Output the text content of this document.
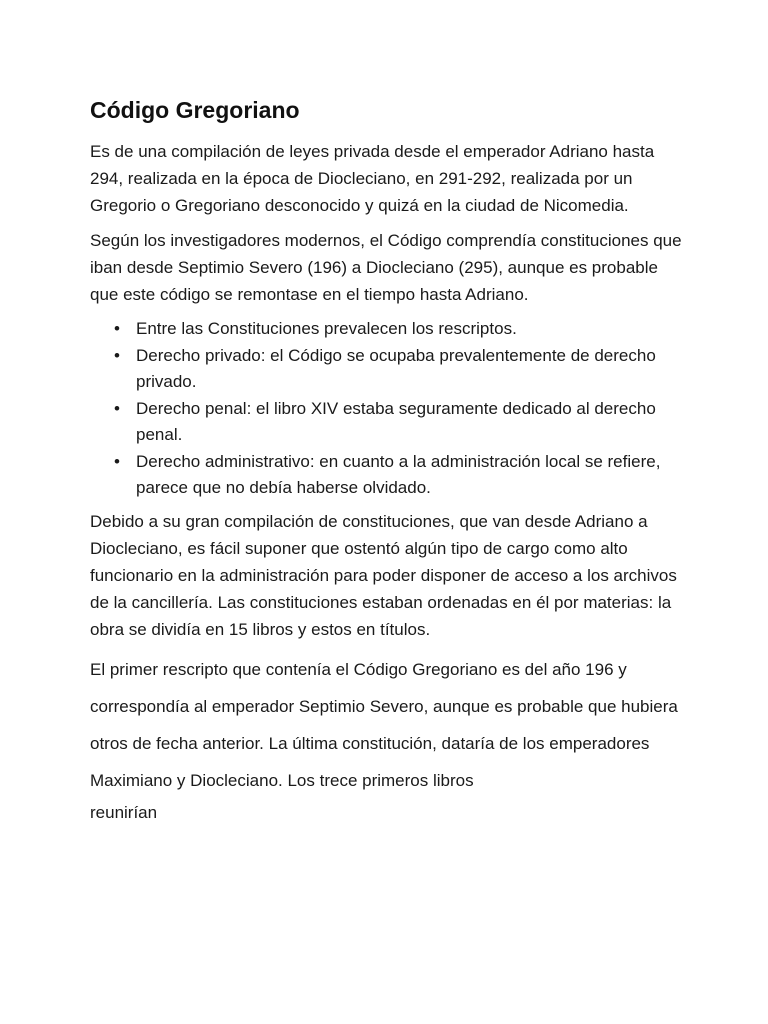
Código Gregoriano

Es de una compilación de leyes privada desde el emperador Adriano hasta 294, realizada en la época de Diocleciano, en 291-292, realizada por un Gregorio o Gregoriano desconocido y quizá en la ciudad de Nicomedia.

Según los investigadores modernos, el Código comprendía constituciones que iban desde Septimio Severo (196) a Diocleciano (295), aunque es probable que este código se remontase en el tiempo hasta Adriano.

• Entre las Constituciones prevalecen los rescriptos.
• Derecho privado: el Código se ocupaba prevalentemente de derecho privado.
• Derecho penal: el libro XIV estaba seguramente dedicado al derecho penal.
• Derecho administrativo: en cuanto a la administración local se refiere, parece que no debía haberse olvidado.

Debido a su gran compilación de constituciones, que van desde Adriano a Diocleciano, es fácil suponer que ostentó algún tipo de cargo como alto funcionario en la administración para poder disponer de acceso a los archivos de la cancillería. Las constituciones estaban ordenadas en él por materias: la obra se dividía en 15 libros y estos en títulos.

El primer rescripto que contenía el Código Gregoriano es del año 196 y correspondía al emperador Septimio Severo, aunque es probable que hubiera otros de fecha anterior. La última constitución, dataría de los emperadores Maximiano y Diocleciano. Los trece primeros libros
reunirían
